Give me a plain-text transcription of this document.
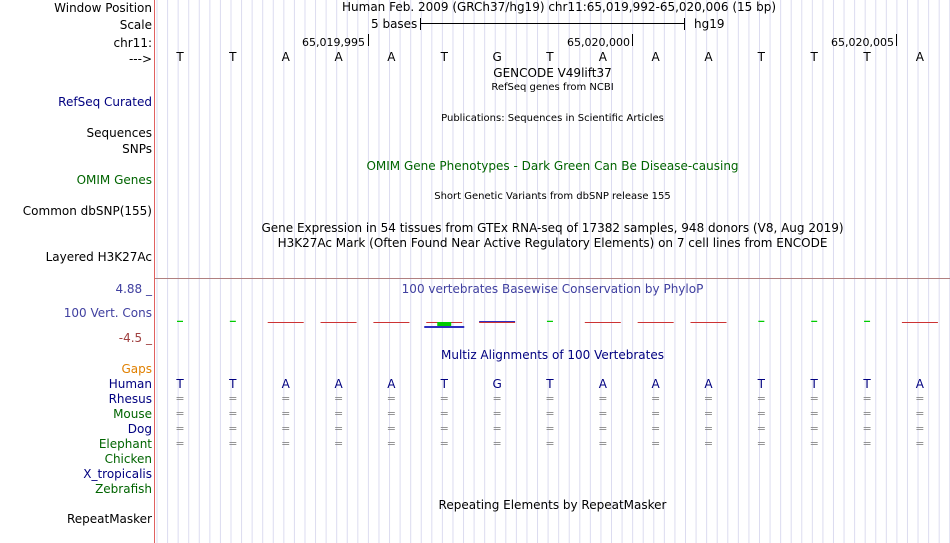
Window Position	Human Feb. 2009 (GRCh37/hg19) chr11:65,019,992-65,020,006 (15 bp)
Scale	5 bases	hg19
chr11:	65,019,995	65,020,000	65,020,005
--->	T	T	A	A	A	T	G	T	A	A	A	T	T	T	A
GENCODE V49lift37
RefSeq genes from NCBI
RefSeq Curated
Publications: Sequences in Scientific Articles
Sequences
SNPs
OMIM Gene Phenotypes - Dark Green Can Be Disease-causing
OMIM Genes
Short Genetic Variants from dbSNP release 155
Common dbSNP(155)
Gene Expression in 54 tissues from GTEx RNA-seq of 17382 samples, 948 donors (V8, Aug 2019)
H3K27Ac Mark (Often Found Near Active Regulatory Elements) on 7 cell lines from ENCODE
Layered H3K27Ac
4.88 _	100 vertebrates Basewise Conservation by PhyloP
100 Vert. Cons
-4.5 _
Multiz Alignments of 100 Vertebrates
Gaps
Human	T	T	A	A	A	T	G	T	A	A	A	T	T	T	A
Rhesus	=	=	=	=	=	=	=	=	=	=	=	=	=	=	=
Mouse	=	=	=	=	=	=	=	=	=	=	=	=	=	=	=
Dog	=	=	=	=	=	=	=	=	=	=	=	=	=	=	=
Elephant	=	=	=	=	=	=	=	=	=	=	=	=	=	=	=
Chicken
X_tropicalis
Zebrafish
Repeating Elements by RepeatMasker
RepeatMasker
